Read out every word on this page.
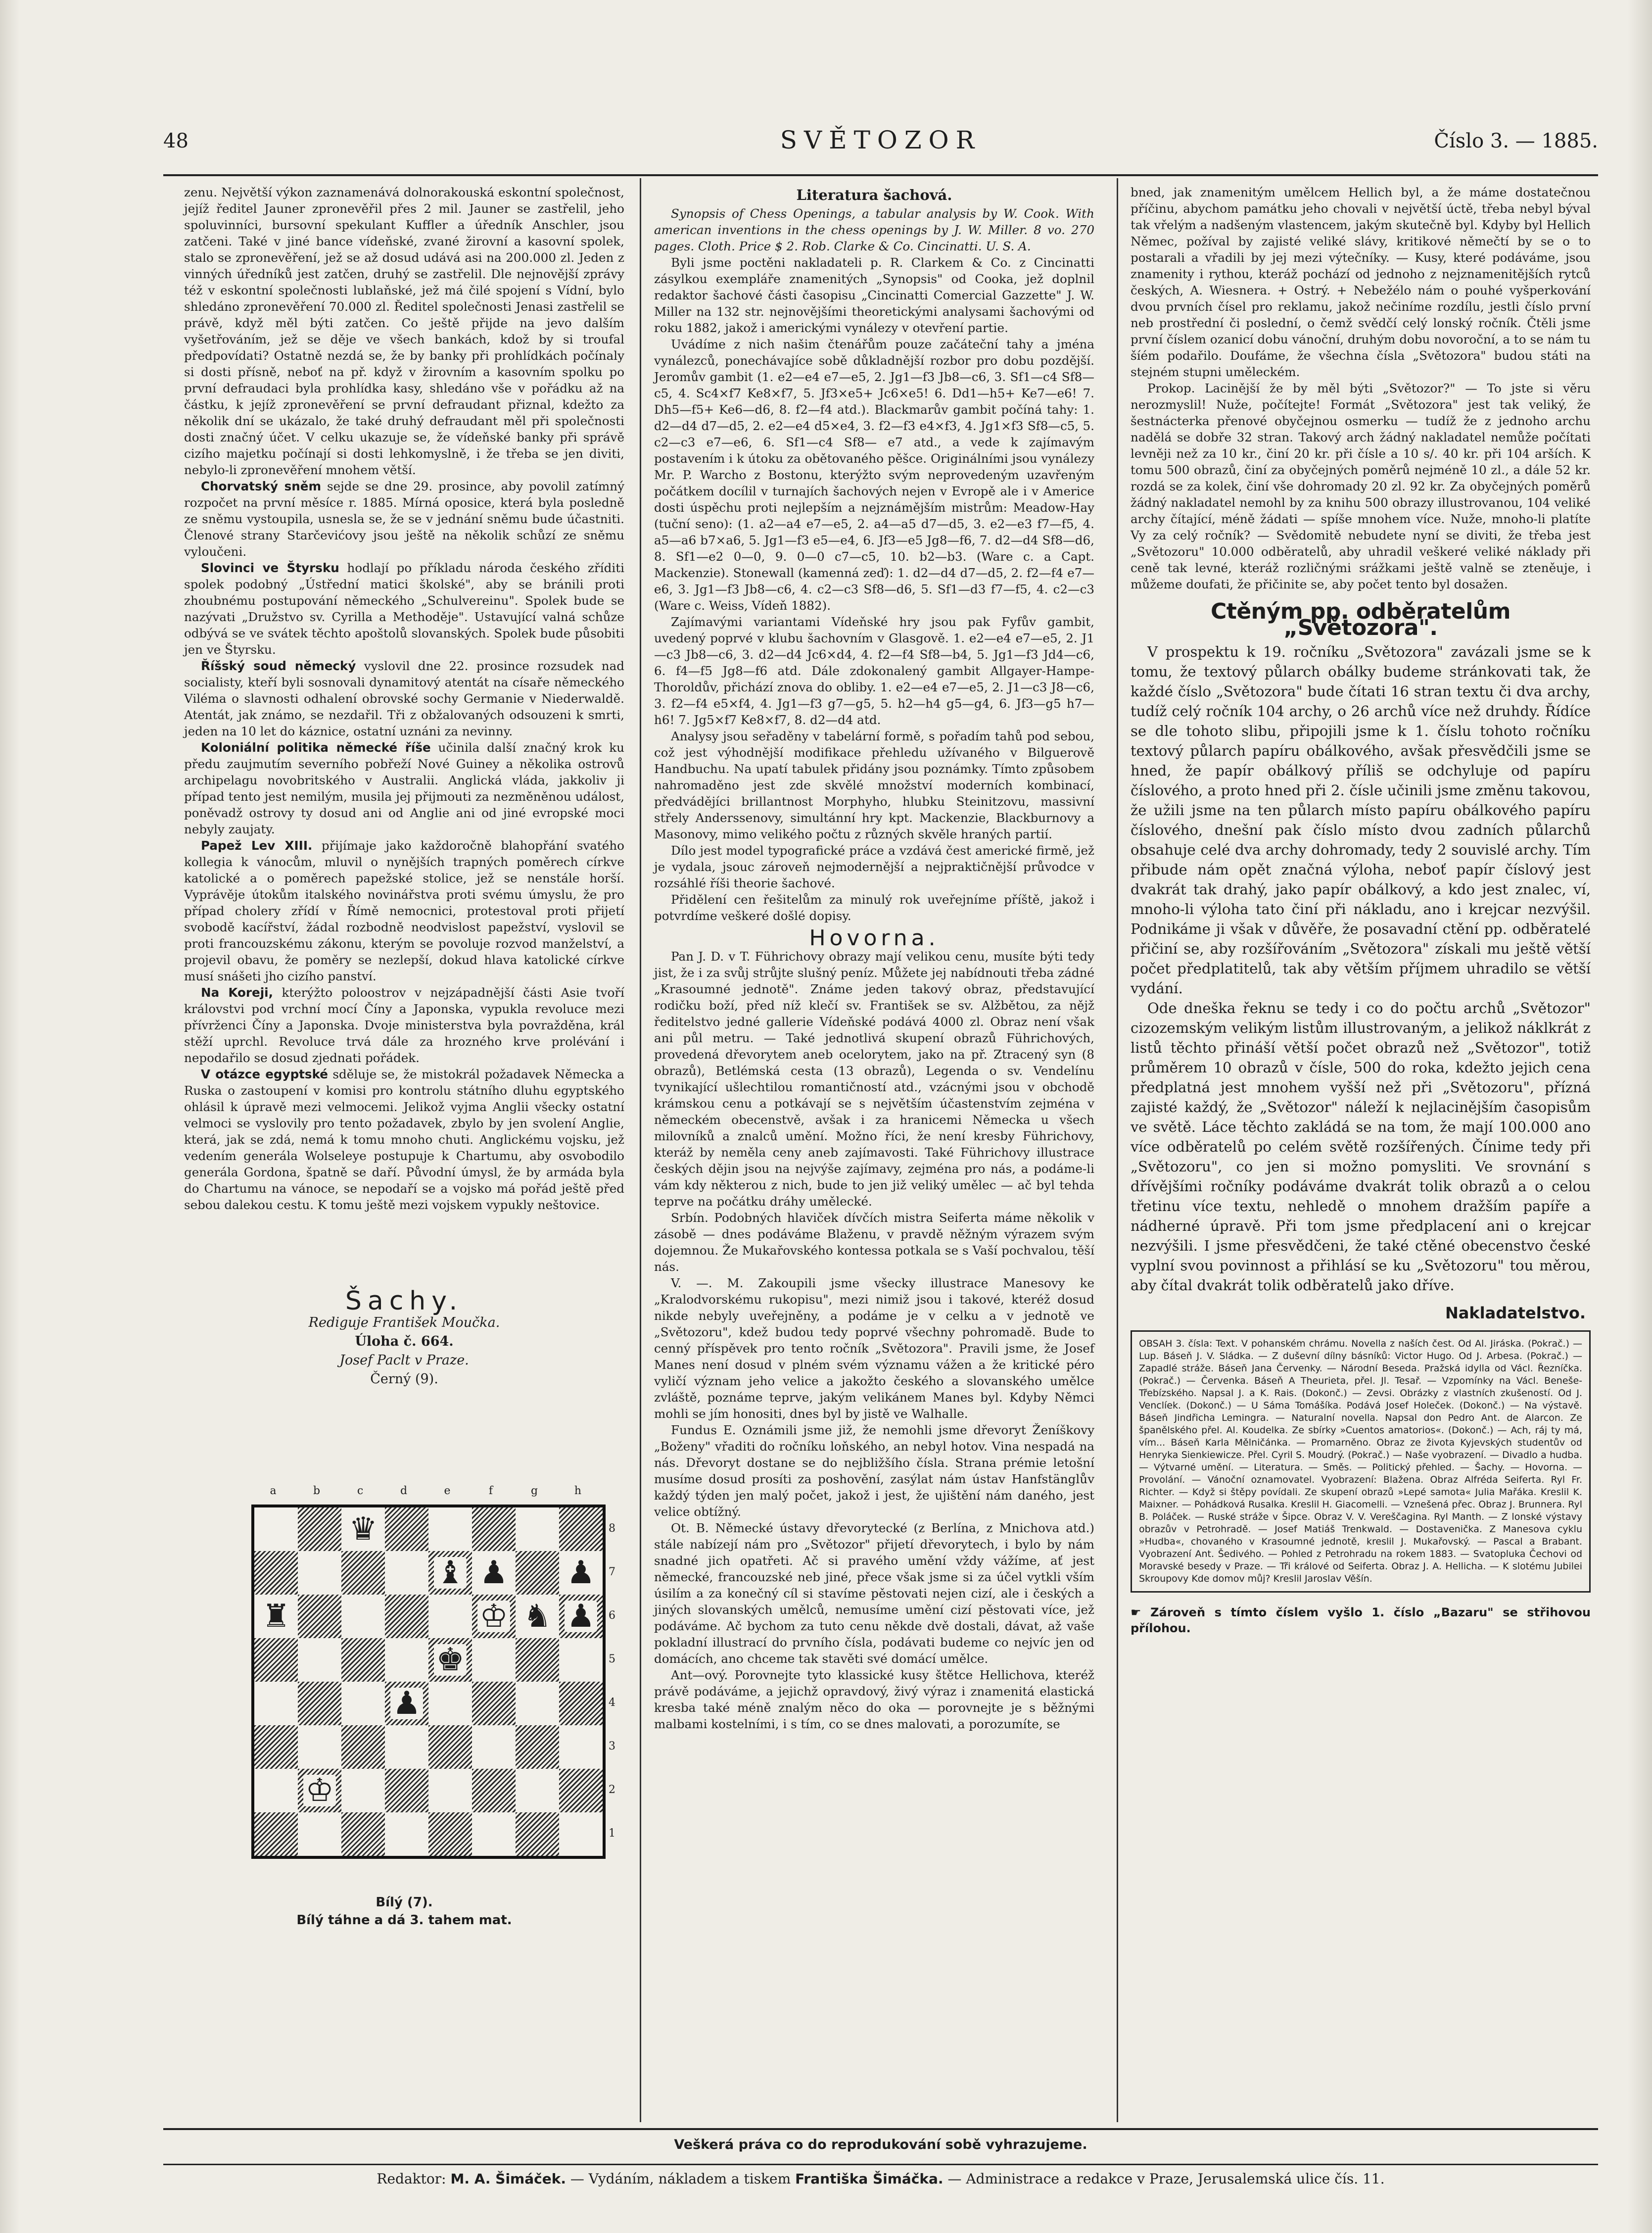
48	SVĚTOZOR	Číslo 3. — 1885.

zenu. Největší výkon zaznamenává dolnorakouská eskontní společnost, jejíž ředitel Jauner zpronevěřil přes 2 mil. Jauner se zastřelil, jeho spoluvinníci, bursovní spekulant Kuffler a úředník Anschler, jsou zatčeni. Také v jiné bance vídeňské, zvané žirovní a kasovní spolek, stalo se zpronevěření, jež se až dosud udává asi na 200.000 zl. Jeden z vinných úředníků jest zatčen, druhý se zastřelil. Dle nejnovější zprávy též v eskontní společnosti lublaňské, jež má čilé spojení s Vídní, bylo shledáno zpronevěření 70.000 zl. Ředitel společnosti Jenasi zastřelil se právě, když měl býti zatčen. Co ještě přijde na jevo dalším vyšetřováním, jež se děje ve všech bankách, kdož by si troufal předpovídati? Ostatně nezdá se, že by banky při prohlídkách počínaly si dosti přísně, neboť na př. když v žirovním a kasovním spolku po první defraudaci byla prohlídka kasy, shledáno vše v pořádku až na částku, k jejíž zpronevěření se první defraudant přiznal, kdežto za několik dní se ukázalo, že také druhý defraudant měl při společnosti dosti značný účet. V celku ukazuje se, že vídeňské banky při správě cizího majetku počínají si dosti lehkomyslně, i že třeba se jen diviti, nebylo-li zpronevěření mnohem větší.

Chorvatský sněm sejde se dne 29. prosince, aby povolil zatímný rozpočet na první měsíce r. 1885. Mírná oposice, která byla posledně ze sněmu vystoupila, usnesla se, že se v jednání sněmu bude účastniti. Členové strany Starčevićovy jsou ještě na několik schůzí ze sněmu vyloučeni.

Slovinci ve Štyrsku hodlají po příkladu národa českého zříditi spolek podobný „Ústřední matici školské", aby se bránili proti zhoubnému postupování německého „Schulvereinu". Spolek bude se nazývati „Družstvo sv. Cyrilla a Methoděje". Ustavující valná schůze odbývá se ve svátek těchto apoštolů slovanských. Spolek bude působiti jen ve Štyrsku.

Říšský soud německý vyslovil dne 22. prosince rozsudek nad socialisty, kteří byli sosnovali dynamitový atentát na císaře německého Viléma o slavnosti odhalení obrovské sochy Germanie v Niederwaldě. Atentát, jak známo, se nezdařil. Tři z obžalovaných odsouzeni k smrti, jeden na 10 let do káznice, ostatní uznáni za nevinny.

Koloniální politika německé říše učinila další značný krok ku předu zaujmutím severního pobřeží Nové Guiney a několika ostrovů archipelagu novobritského v Australii. Anglická vláda, jakkoliv ji případ tento jest nemilým, musila jej přijmouti za nezměněnou událost, poněvadž ostrovy ty dosud ani od Anglie ani od jiné evropské moci nebyly zaujaty.

Papež Lev XIII. přijímaje jako každoročně blahopřání svatého kollegia k vánocům, mluvil o nynějších trapných poměrech církve katolické a o poměrech papežské stolice, jež se nenstále horší. Vyprávěje útokům italského novinářstva proti svému úmyslu, že pro případ cholery zřídí v Římě nemocnici, protestoval proti přijetí svobodě kacířství, žádal rozbodně neodvislost papežství, vyslovil se proti francouzskému zákonu, kterým se povoluje rozvod manželství, a projevil obavu, že poměry se nezlepší, dokud hlava katolické církve musí snášeti jho cizího panství.

Na Koreji, kterýžto poloostrov v nejzápadnější části Asie tvoří královstvi pod vrchní mocí Číny a Japonska, vypukla revoluce mezi přívrženci Číny a Japonska. Dvoje ministerstva byla povražděna, král stěží uprchl. Revoluce trvá dále za hrozného krve prolévání i nepodařilo se dosud zjednati pořádek.

V otázce egyptské sděluje se, že mistokrál požadavek Německa a Ruska o zastoupení v komisi pro kontrolu státního dluhu egyptského ohlásil k úpravě mezi velmocemi. Jelikož vyjma Anglii všecky ostatní velmoci se vyslovily pro tento požadavek, zbylo by jen svolení Anglie, která, jak se zdá, nemá k tomu mnoho chuti. Anglickému vojsku, jež vedením generála Wolseleye postupuje k Chartumu, aby osvobodilo generála Gordona, špatně se daří. Původní úmysl, že by armáda byla do Chartumu na vánoce, se nepodaří se a vojsko má pořád ještě před sebou dalekou cestu. K tomu ještě mezi vojskem vypukly neštovice.

Šachy.
Rediguje František Moučka.
Úloha č. 664.
Josef Paclt v Praze.
Černý (9).
a	b	c	d	e	f	g	h
8
7
6
5
4
3
2
1
♛
♝ ♟ ♟
♜	♔ ♞ ♟
♚
♟
♔
Bílý (7).
Bílý táhne a dá 3. tahem mat.
Literatura šachová.

Synopsis of Chess Openings, a tabular analysis by W. Cook. With american inventions in the chess openings by J. W. Miller. 8 vo. 270 pages. Cloth. Price $ 2. Rob. Clarke & Co. Cincinatti. U. S. A.

Byli jsme poctěni nakladateli p. R. Clarkem & Co. z Cincinatti zásylkou exempláře znamenitých „Synopsis" od Cooka, jež doplnil redaktor šachové části časopisu „Cincinatti Comercial Gazzette" J. W. Miller na 132 str. nejnovějšími theoretickými analysami šachovými od roku 1882, jakož i americkými vynálezy v otevření partie.

Uvádíme z nich našim čtenářům pouze začáteční tahy a jména vynálezců, ponechávajíce sobě důkladnější rozbor pro dobu pozdější. Jeromův gambit (1. e2—e4 e7—e5, 2. Jg1—f3 Jb8—c6, 3. Sf1—c4 Sf8—c5, 4. Sc4×f7 Ke8×f7, 5. Jf3×e5+ Jc6×e5! 6. Dd1—h5+ Ke7—e6! 7. Dh5—f5+ Ke6—d6, 8. f2—f4 atd.). Blackmarův gambit počíná tahy: 1. d2—d4 d7—d5, 2. e2—e4 d5×e4, 3. f2—f3 e4×f3, 4. Jg1×f3 Sf8—c5, 5. c2—c3 e7—e6, 6. Sf1—c4 Sf8— e7 atd., a vede k zajímavým postavením i k útoku za obětovaného pěšce. Originálními jsou vynálezy Mr. P. Warcho z Bostonu, kterýžto svým neprovedeným uzavřeným počátkem docílil v turnajích šachových nejen v Evropě ale i v Americe dosti úspěchu proti nejlepším a nejznámějším mistrům: Meadow-Hay (tuční seno): (1. a2—a4 e7—e5, 2. a4—a5 d7—d5, 3. e2—e3 f7—f5, 4. a5—a6 b7×a6, 5. Jg1—f3 e5—e4, 6. Jf3—e5 Jg8—f6, 7. d2—d4 Sf8—d6, 8. Sf1—e2 0—0, 9. 0—0 c7—c5, 10. b2—b3. (Ware c. a Capt. Mackenzie). Stonewall (kamenná zeď): 1. d2—d4 d7—d5, 2. f2—f4 e7—e6, 3. Jg1—f3 Jb8—c6, 4. c2—c3 Sf8—d6, 5. Sf1—d3 f7—f5, 4. c2—c3 (Ware c. Weiss, Vídeň 1882).

Zajímavými variantami Vídeňské hry jsou pak Fyfův gambit, uvedený poprvé v klubu šachovním v Glasgově. 1. e2—e4 e7—e5, 2. J1—c3 Jb8—c6, 3. d2—d4 Jc6×d4, 4. f2—f4 Sf8—b4, 5. Jg1—f3 Jd4—c6, 6. f4—f5 Jg8—f6 atd. Dále zdokonalený gambit Allgayer-Hampe-Thoroldův, přichází znova do obliby. 1. e2—e4 e7—e5, 2. J1—c3 J8—c6, 3. f2—f4 e5×f4, 4. Jg1—f3 g7—g5, 5. h2—h4 g5—g4, 6. Jf3—g5 h7—h6! 7. Jg5×f7 Ke8×f7, 8. d2—d4 atd.

Analysy jsou seřaděny v tabelární formě, s pořadím tahů pod sebou, což jest výhodnější modifikace přehledu užívaného v Bilguerově Handbuchu. Na upatí tabulek přidány jsou poznámky. Tímto způsobem nahromaděno jest zde skvělé množství moderních kombinací, předvádějíci brillantnost Morphyho, hlubku Steinitzovu, massivní střely Anderssenovy, simultánní hry kpt. Mackenzie, Blackburnovy a Masonovy, mimo velikého počtu z různých skvěle hraných partií.

Dílo jest model typografické práce a vzdává čest americké firmě, jež je vydala, jsouc zároveň nejmodernější a nejpraktičnější průvodce v rozsáhlé říši theorie šachové.

Přidělení cen řešitelům za minulý rok uveřejníme příště, jakož i potvrdíme veškeré došlé dopisy.

Hovorna.

Pan J. D. v T. Führichovy obrazy mají velikou cenu, musíte býti tedy jist, že i za svůj strůjte slušný peníz. Můžete jej nabídnouti třeba zádné „Krasoumné jednotě". Známe jeden takový obraz, představující rodičku boží, před níž klečí sv. František se sv. Alžbětou, za nějž ředitelstvo jedné gallerie Vídeňské podává 4000 zl. Obraz není však ani půl metru. — Také jednotlivá skupení obrazů Führichových, provedená dřevorytem aneb ocelorytem, jako na př. Ztracený syn (8 obrazů), Betlémská cesta (13 obrazů), Legenda o sv. Vendelínu tvynikající ušlechtilou romantičností atd., vzácnými jsou v obchodě krámskou cenu a potkávají se s největším účastenstvím zejména v německém obecenstvě, avšak i za hranicemi Německa u všech milovníků a znalců umění. Možno říci, že není kresby Führichovy, kteráž by neměla ceny aneb zajímavosti. Také Führichovy illustrace českých dějin jsou na nejvýše zajímavy, zejména pro nás, a podáme-li vám kdy některou z nich, bude to jen již veliký umělec — ač byl tehda teprve na počátku dráhy umělecké.

Srbín. Podobných hlaviček dívčích mistra Seiferta máme několik v zásobě — dnes podáváme Blaženu, v pravdě něžným výrazem svým dojemnou. Že Mukařovského kontessa potkala se s Vaší pochvalou, těší nás.

V. —. M. Zakoupili jsme všecky illustrace Manesovy ke „Kralodvorskému rukopisu", mezi nimiž jsou i takové, kteréž dosud nikde nebyly uveřejněny, a podáme je v celku a v jednotě ve „Světozoru", kdež budou tedy poprvé všechny pohromadě. Bude to cenný příspěvek pro tento ročník „Světozora". Pravili jsme, že Josef Manes není dosud v plném svém významu vážen a že kritické péro vyličí význam jeho velice a jakožto českého a slovanského umělce zvláště, poznáme teprve, jakým velikánem Manes byl. Kdyby Němci mohli se jím honositi, dnes byl by jistě ve Walhalle.

Fundus E. Oznámili jsme již, že nemohli jsme dřevoryt Ženíškovy „Boženy" vřaditi do ročníku loňského, an nebyl hotov. Vina nespadá na nás. Dřevoryt dostane se do nejbližšího čísla. Strana prémie letošní musíme dosud prosíti za poshovění, zasýlat nám ústav Hanfstänglův každý týden jen malý počet, jakož i jest, že ujištění nám daného, jest velice obtížný.

Ot. B. Německé ústavy dřevorytecké (z Berlína, z Mnichova atd.) stále nabízejí nám pro „Světozor" přijetí dřevorytech, i bylo by nám snadné jich opatřeti. Ač si pravého umění vždy vážíme, ať jest německé, francouzské neb jiné, přece však jsme si za účel vytkli vším úsilím a za konečný cíl si stavíme pěstovati nejen cizí, ale i českých a jiných slovanských umělců, nemusíme umění cizí pěstovati více, jež podáváme. Ač bychom za tuto cenu někde dvě dostali, dávat, až vaše pokladní illustrací do prvního čísla, podávati budeme co nejvíc jen od domácích, ano chceme tak stavěti své domácí umělce.

Ant—ový. Porovnejte tyto klassické kusy štětce Hellichova, kteréž právě podáváme, a jejichž opravdový, živý výraz i znamenitá elastická kresba také méně znalým něco do oka — porovnejte je s běžnými malbami kostelními, i s tím, co se dnes malovati, a porozumíte, se

bned, jak znamenitým umělcem Hellich byl, a že máme dostatečnou příčinu, abychom památku jeho chovali v největší úctě, třeba nebyl býval tak vřelým a nadšeným vlastencem, jakým skutečně byl. Kdyby byl Hellich Němec, požíval by zajisté veliké slávy, kritikové němečtí by se o to postarali a vřadili by jej mezi výtečníky. — Kusy, které podáváme, jsou znamenity i rythou, kteráž pochází od jednoho z nejznamenitějších rytců českých, A. Wiesnera. + Ostrý. + Nebežélo nám o pouhé vyšperkování dvou prvních čísel pro reklamu, jakož nečiníme rozdílu, jestli číslo první neb prostřední či poslední, o čemž svědčí celý lonský ročník. Čtěli jsme první číslem ozanicí dobu vánoční, druhým dobu novoroční, a to se nám tu šíém podařilo. Doufáme, že všechna čísla „Světozora" budou státi na stejném stupni uměleckém.

Prokop. Lacinější že by měl býti „Světozor?" — To jste si věru nerozmyslil! Nuže, počítejte! Formát „Světozora" jest tak veliký, že šestnácterka přenové obyčejnou osmerku — tudíž že z jednoho archu nadělá se dobře 32 stran. Takový arch žádný nakladatel nemůže počítati levněji než za 10 kr., činí 20 kr. při čísle a 10 s/. 40 kr. při 104 arších. K tomu 500 obrazů, činí za obyčejných poměrů nejméně 10 zl., a dále 52 kr. rozdá se za kolek, činí vše dohromady 20 zl. 92 kr. Za obyčejných poměrů žádný nakladatel nemohl by za knihu 500 obrazy illustrovanou, 104 veliké archy čítající, méně žádati — spíše mnohem více. Nuže, mnoho-li platíte Vy za celý ročník? — Svědomitě nebudete nyní se diviti, že třeba jest „Světozoru" 10.000 odběratelů, aby uhradil veškeré veliké náklady při ceně tak levné, kteráž rozličnými srážkami ještě valně se zteněuje, i můžeme doufati, že přičinite se, aby počet tento byl dosažen.

Ctěným pp. odběratelům „Světozora".

V prospektu k 19. ročníku „Světozora" zavázali jsme se k tomu, že textový půlarch obálky budeme stránkovati tak, že každé číslo „Světozora" bude čítati 16 stran textu či dva archy, tudíž celý ročník 104 archy, o 26 archů více než druhdy. Řídíce se dle tohoto slibu, připojili jsme k 1. číslu tohoto ročníku textový půlarch papíru obálkového, avšak přesvědčili jsme se hned, že papír obálkový příliš se odchyluje od papíru číslového, a proto hned při 2. čísle učinili jsme změnu takovou, že užili jsme na ten půlarch místo papíru obálkového papíru číslového, dnešní pak číslo místo dvou zadních půlarchů obsahuje celé dva archy dohromady, tedy 2 souvislé archy. Tím přibude nám opět značná výloha, neboť papír číslový jest dvakrát tak drahý, jako papír obálkový, a kdo jest znalec, ví, mnoho-li výloha tato činí při nákladu, ano i krejcar nezvýšil. Podnikáme ji však v důvěře, že posavadní ctění pp. odběratelé přičiní se, aby rozšířováním „Světozora" získali mu ještě větší počet předplatitelů, tak aby větším příjmem uhradilo se větší vydání.

Ode dneška řeknu se tedy i co do počtu archů „Světozor" cizozemským velikým listům illustrovaným, a jelikož náklkrát z listů těchto přináší větší počet obrazů než „Světozor", totiž průměrem 10 obrazů v čísle, 500 do roka, kdežto jejich cena předplatná jest mnohem vyšší než při „Světozoru", přízná zajisté každý, že „Světozor" náleží k nejlacinějším časopisům ve světě. Láce těchto zakládá se na tom, že mají 100.000 ano více odběratelů po celém světě rozšířených. Čínime tedy při „Světozoru", co jen si možno pomysliti. Ve srovnání s dřívějšími ročníky podáváme dvakrát tolik obrazů a o celou třetinu více textu, nehledě o mnohem dražším papíře a nádherné úpravě. Při tom jsme předplacení ani o krejcar nezvýšili. I jsme přesvědčeni, že také ctěné obecenstvo české vyplní svou povinnost a přihlásí se ku „Světozoru" tou měrou, aby čítal dvakrát tolik odběratelů jako dříve.

Nakladatelstvo.
OBSAH 3. čísla: Text. V pohanském chrámu. Novella z naších čest. Od Al. Jiráska. (Pokrač.) — Lup. Báseň J. V. Sládka. — Z duševní dílny básníků: Victor Hugo. Od J. Arbesa. (Pokrač.) — Zapadlé stráže. Báseň Jana Červenky. — Národní Beseda. Pražská idylla od Václ. Řezníčka. (Pokrač.) — Červenka. Báseň A Theurieta, přel. Jl. Tesař. — Vzpomínky na Václ. Beneše-Třebízského. Napsal J. a K. Rais. (Dokonč.) — Zevsi. Obrázky z vlastních zkušeností. Od J. Venclíek. (Dokonč.) — U Sáma Tomášíka. Podává Josef Holeček. (Dokonč.) — Na výstavě. Báseň Jindřicha Lemingra. — Naturalní novella. Napsal don Pedro Ant. de Alarcon. Ze španělského přel. Al. Koudelka. Ze sbírky »Cuentos amatorios«. (Dokonč.) — Ach, ráj ty má, vím... Báseň Karla Mělničánka. — Promarněno. Obraz ze života Kyjevských studentův od Henryka Sienkiewicze. Přel. Cyril S. Moudrý. (Pokrač.) — Naše vyobrazení. — Divadlo a hudba. — Výtvarné umění. — Literatura. — Směs. — Politický přehled. — Šachy. — Hovorna. — Provolání. — Vánoční oznamovatel. Vyobrazení: Blažena. Obraz Alfréda Seiferta. Ryl Fr. Richter. — Když si štěpy povídali. Ze skupení obrazů »Lepé samota« Julia Mařáka. Kreslil K. Maixner. — Pohádková Rusalka. Kreslil H. Giacomelli. — Vznešená přec. Obraz J. Brunnera. Ryl B. Poláček. — Ruské stráže v Šipce. Obraz V. V. Vereščagina. Ryl Manth. — Z lonské výstavy obrazův v Petrohradě. — Josef Matiáš Trenkwald. — Dostavenička. Z Manesova cyklu »Hudba«, chovaného v Krasoumné jednotě, kreslil J. Mukařovský. — Pascal a Brabant. Vyobrazení Ant. Šedivého. — Pohled z Petrohradu na rokem 1883. — Svatopluka Čechovi od Moravské besedy v Praze. — Tři králové od Seiferta. Obraz J. A. Hellicha. — K slotému Jubilei Skroupovy Kde domov můj? Kreslil Jaroslav Věšín.
☛ Zároveň s tímto číslem vyšlo 1. číslo „Bazaru" se střihovou přílohou.
Veškerá práva co do reprodukování sobě vyhrazujeme.
Redaktor: M. A. Šimáček. — Vydáním, nákladem a tiskem Františka Šimáčka. — Administrace a redakce v Praze, Jerusalemská ulice čís. 11.
